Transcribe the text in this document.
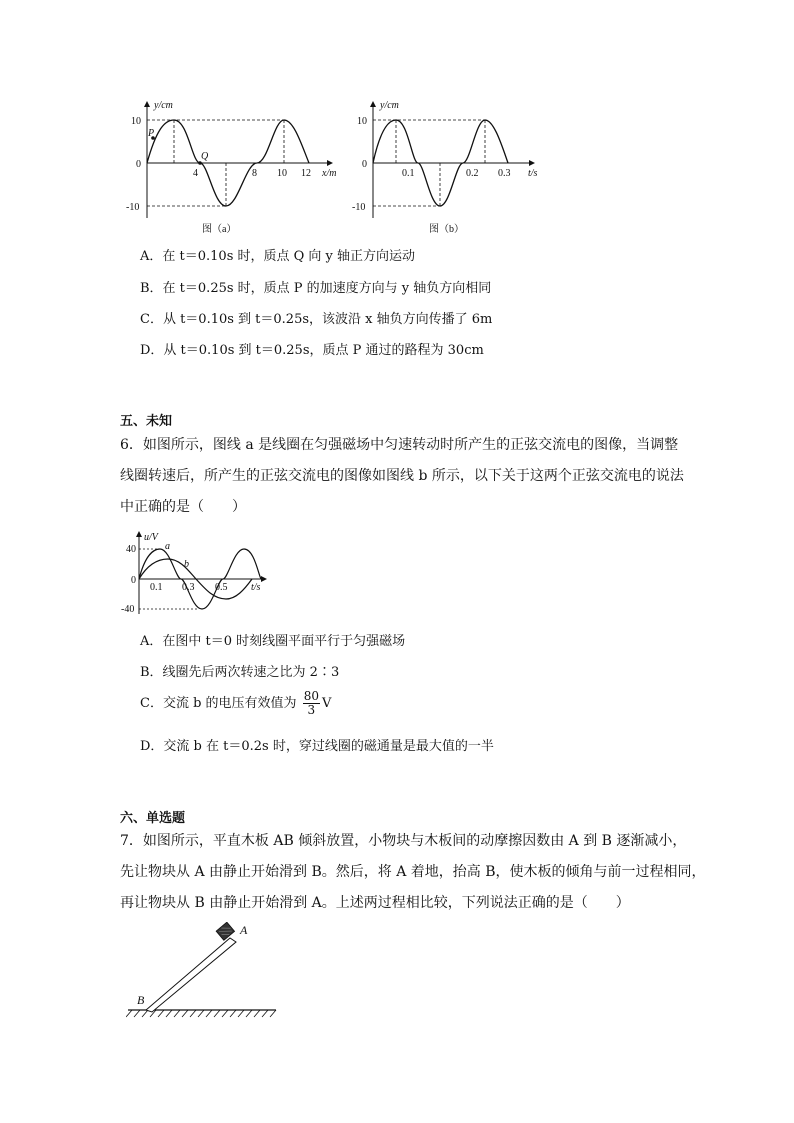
y/cm
x/m
10
0
-10
P
Q
4	8 10 12
图（a）
y/cm
t/s
10
0
-10
0.1	0.2 0.3
图（b）
A．在 t＝0.10s 时，质点 Q 向 y 轴正方向运动
B．在 t＝0.25s 时，质点 P 的加速度方向与 y 轴负方向相同
C．从 t＝0.10s 到 t＝0.25s，该波沿 x 轴负方向传播了 6m
D．从 t＝0.10s 到 t＝0.25s，质点 P 通过的路程为 30cm
五、未知
6．如图所示，图线 a 是线圈在匀强磁场中匀速转动时所产生的正弦交流电的图像，当调整
线圈转速后，所产生的正弦交流电的图像如图线 b 所示，以下关于这两个正弦交流电的说法
中正确的是（　　）
u/V
t/s
40
0
-40
a
b
0.1 0.3 0.5
A．在图中 t＝0 时刻线圈平面平行于匀强磁场
B．线圈先后两次转速之比为 2∶3
C．交流 b 的电压有效值为 $\frac{80}{3}$ V
D．交流 b 在 t＝0.2s 时，穿过线圈的磁通量是最大值的一半
六、单选题
7．如图所示，平直木板 AB 倾斜放置，小物块与木板间的动摩擦因数由 A 到 B 逐渐减小，
先让物块从 A 由静止开始滑到 B。然后，将 A 着地，抬高 B，使木板的倾角与前一过程相同，
再让物块从 B 由静止开始滑到 A。上述两过程相比较，下列说法正确的是（　　）
A
B
